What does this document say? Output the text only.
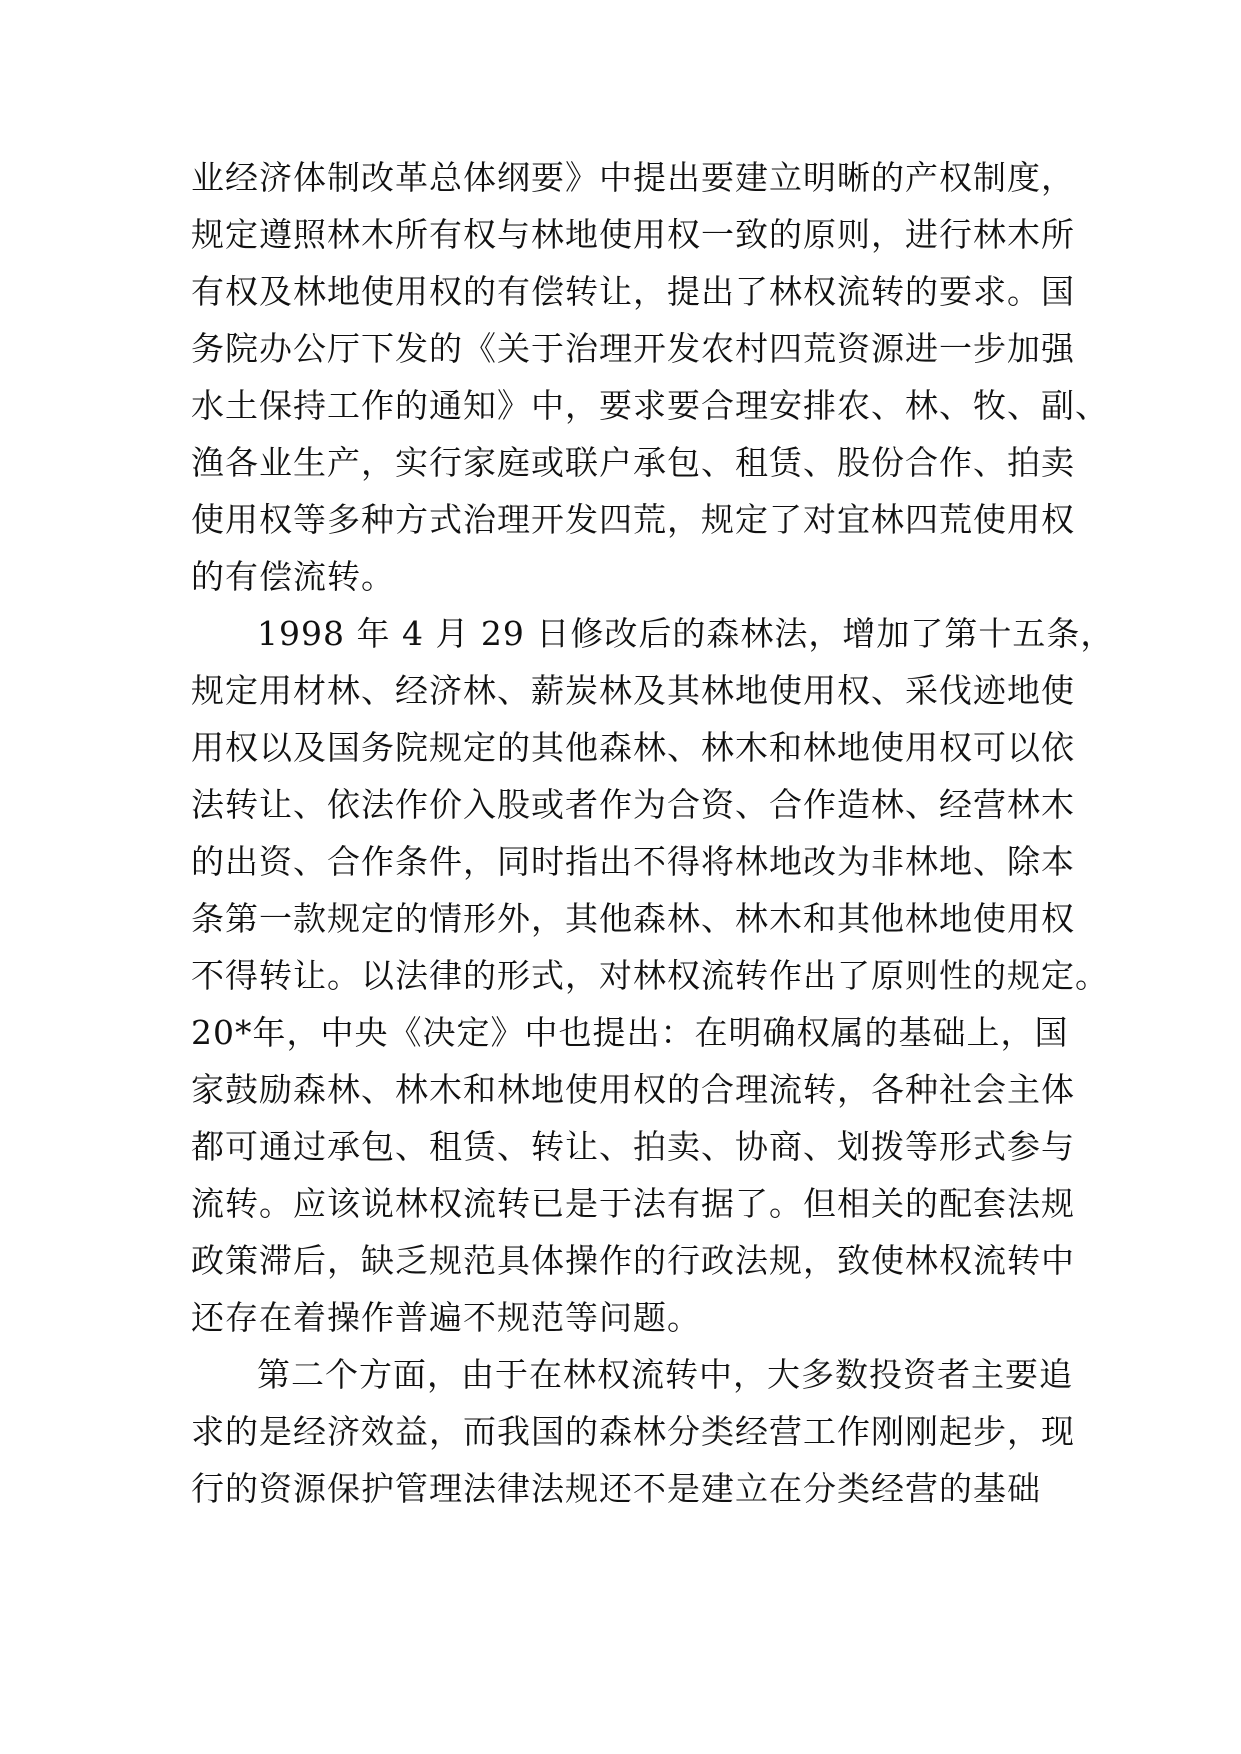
业经济体制改革总体纲要》中提出要建立明晰的产权制度，
规定遵照林木所有权与林地使用权一致的原则，进行林木所
有权及林地使用权的有偿转让，提出了林权流转的要求。国
务院办公厅下发的《关于治理开发农村四荒资源进一步加强
水土保持工作的通知》中，要求要合理安排农、林、牧、副、
渔各业生产，实行家庭或联户承包、租赁、股份合作、拍卖
使用权等多种方式治理开发四荒，规定了对宜林四荒使用权
的有偿流转。
1998 年 4 月 29 日修改后的森林法，增加了第十五条，
规定用材林、经济林、薪炭林及其林地使用权、采伐迹地使
用权以及国务院规定的其他森林、林木和林地使用权可以依
法转让、依法作价入股或者作为合资、合作造林、经营林木
的出资、合作条件，同时指出不得将林地改为非林地、除本
条第一款规定的情形外，其他森林、林木和其他林地使用权
不得转让。以法律的形式，对林权流转作出了原则性的规定。
20*年，中央《决定》中也提出：在明确权属的基础上，国
家鼓励森林、林木和林地使用权的合理流转，各种社会主体
都可通过承包、租赁、转让、拍卖、协商、划拨等形式参与
流转。应该说林权流转已是于法有据了。但相关的配套法规
政策滞后，缺乏规范具体操作的行政法规，致使林权流转中
还存在着操作普遍不规范等问题。
第二个方面，由于在林权流转中，大多数投资者主要追
求的是经济效益，而我国的森林分类经营工作刚刚起步，现
行的资源保护管理法律法规还不是建立在分类经营的基础
